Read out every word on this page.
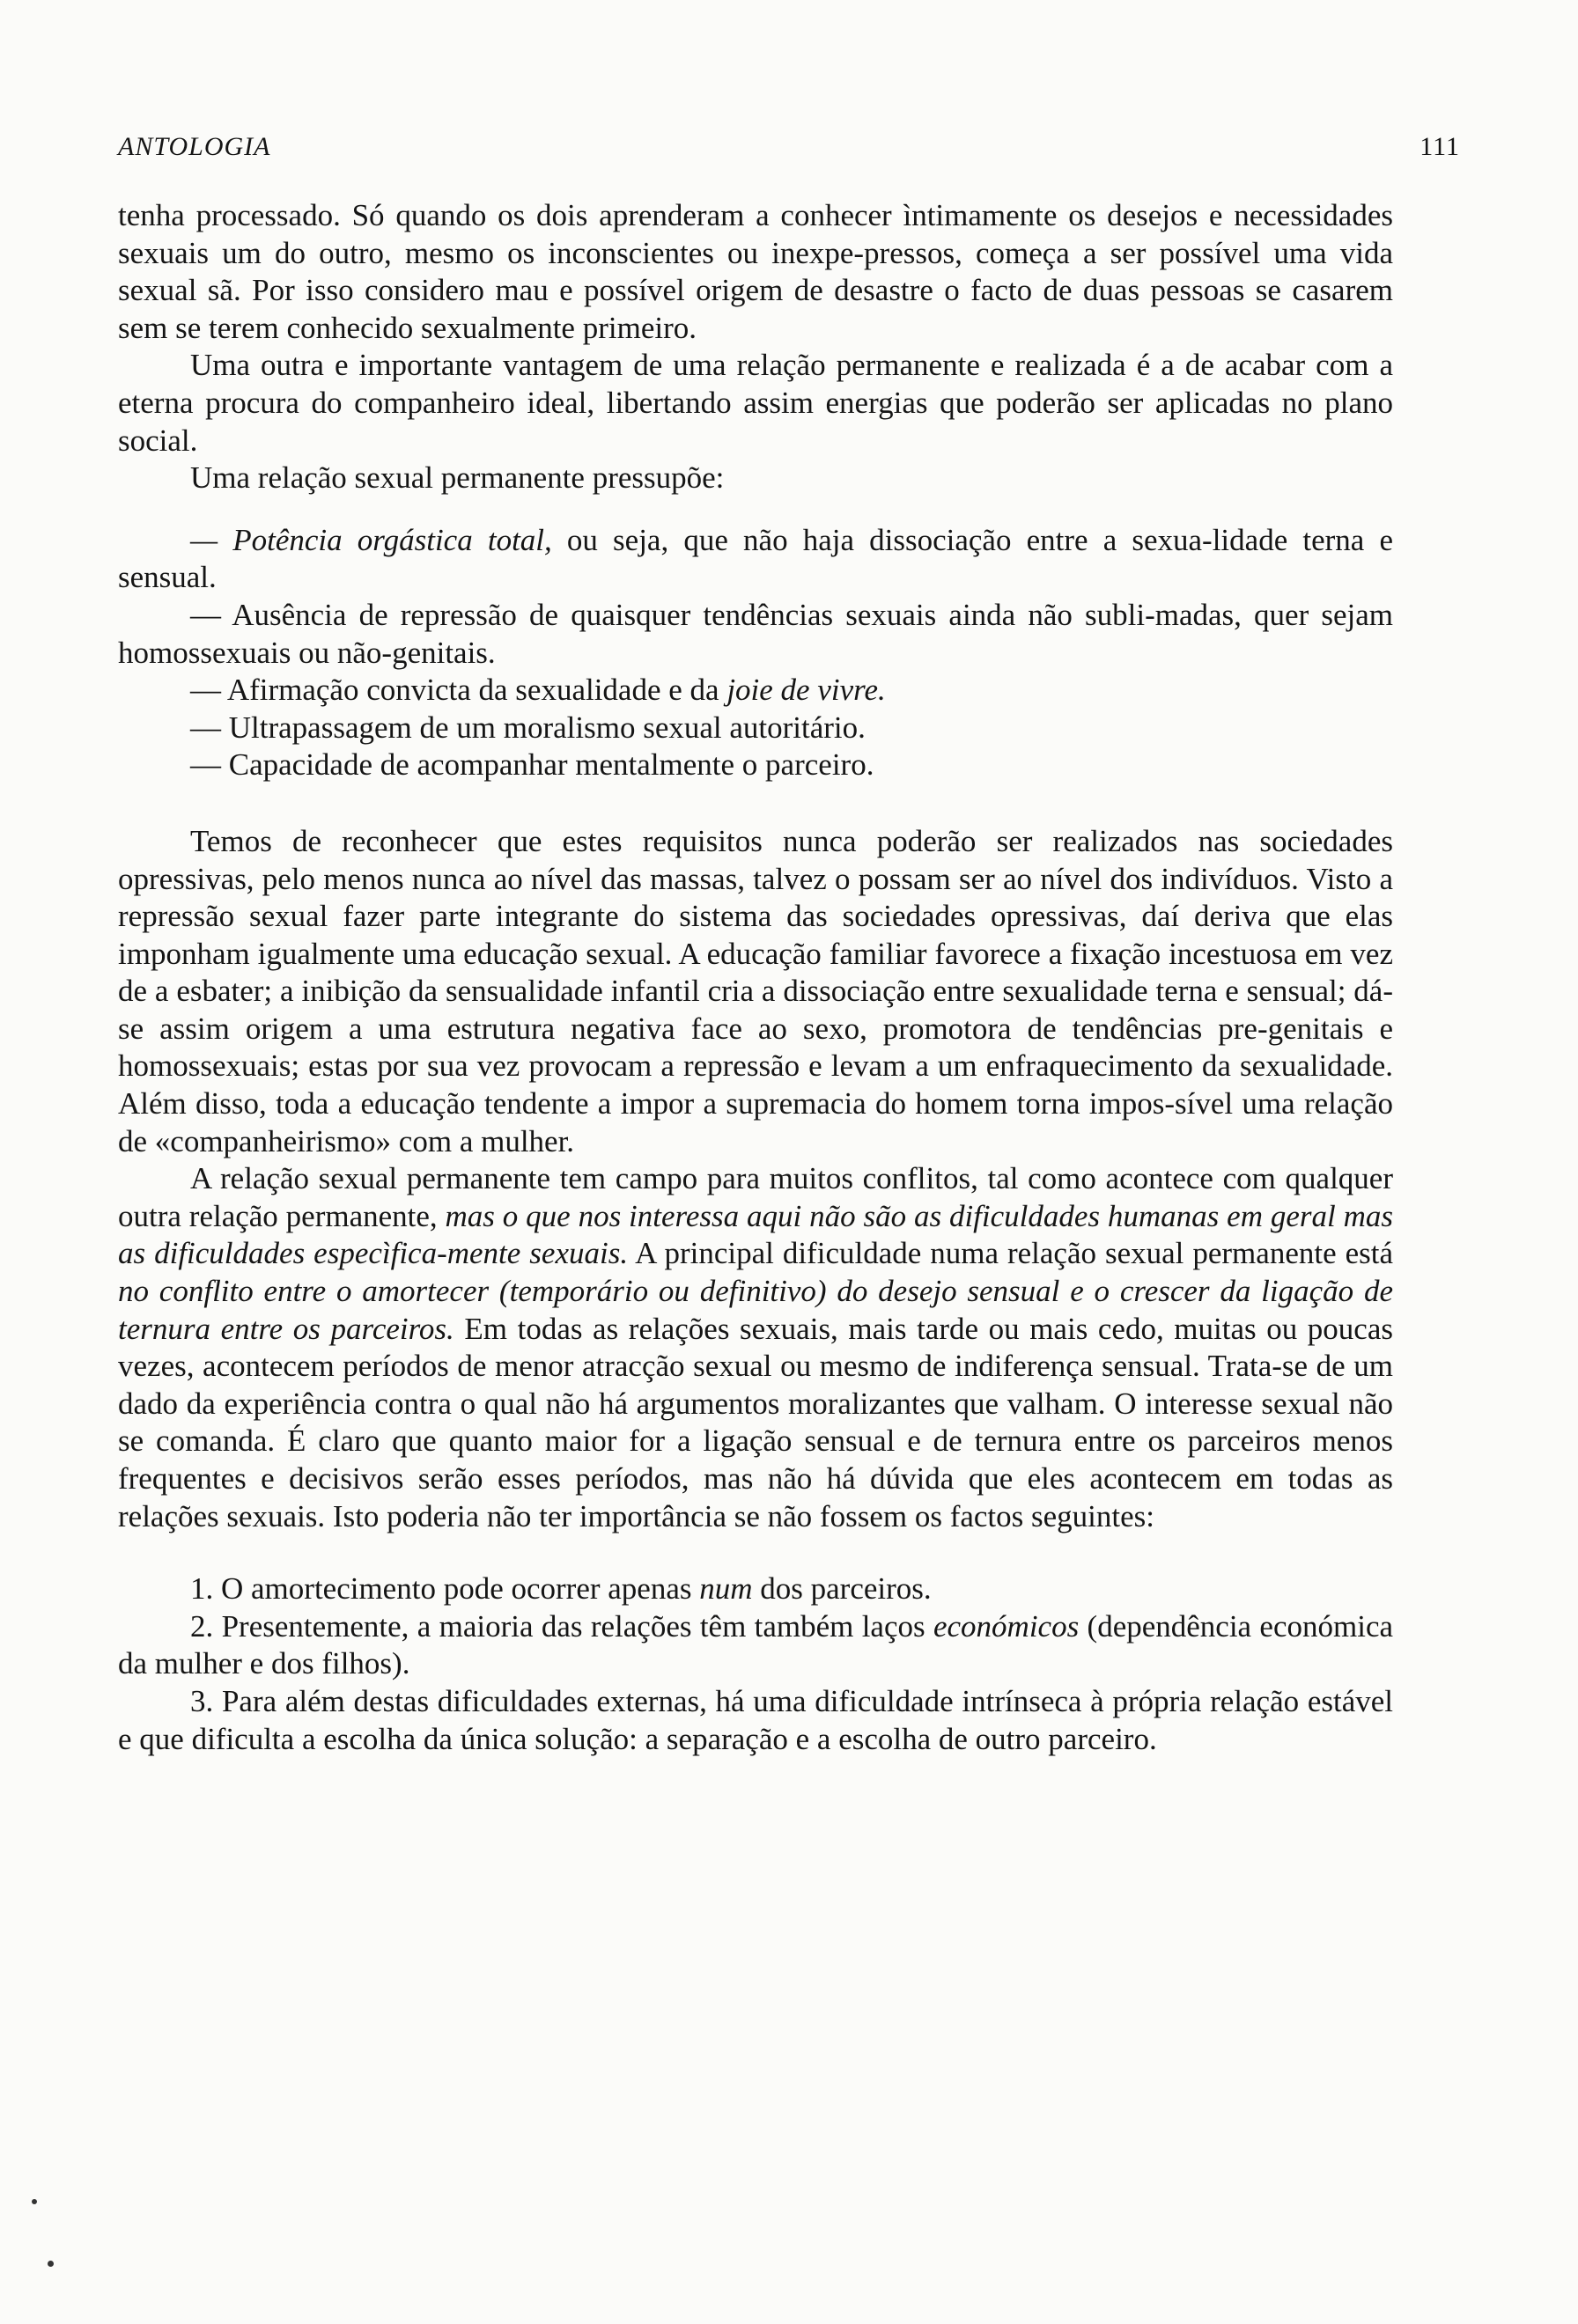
ANTOLOGIA	111

tenha processado. Só quando os dois aprenderam a conhecer ìntimamente os desejos e necessidades sexuais um do outro, mesmo os inconscientes ou inexpe-pressos, começa a ser possível uma vida sexual sã. Por isso considero mau e possível origem de desastre o facto de duas pessoas se casarem sem se terem conhecido sexualmente primeiro.

Uma outra e importante vantagem de uma relação permanente e realizada é a de acabar com a eterna procura do companheiro ideal, libertando assim energias que poderão ser aplicadas no plano social.

Uma relação sexual permanente pressupõe:

— Potência orgástica total, ou seja, que não haja dissociação entre a sexua-lidade terna e sensual.

— Ausência de repressão de quaisquer tendências sexuais ainda não subli-madas, quer sejam homossexuais ou não-genitais.

— Afirmação convicta da sexualidade e da joie de vivre.

— Ultrapassagem de um moralismo sexual autoritário.

— Capacidade de acompanhar mentalmente o parceiro.

Temos de reconhecer que estes requisitos nunca poderão ser realizados nas sociedades opressivas, pelo menos nunca ao nível das massas, talvez o possam ser ao nível dos indivíduos. Visto a repressão sexual fazer parte integrante do sistema das sociedades opressivas, daí deriva que elas imponham igualmente uma educação sexual. A educação familiar favorece a fixação incestuosa em vez de a esbater; a inibição da sensualidade infantil cria a dissociação entre sexualidade terna e sensual; dá-se assim origem a uma estrutura negativa face ao sexo, promotora de tendências pre-genitais e homossexuais; estas por sua vez provocam a repressão e levam a um enfraquecimento da sexualidade. Além disso, toda a educação tendente a impor a supremacia do homem torna impos-sível uma relação de «companheirismo» com a mulher.

A relação sexual permanente tem campo para muitos conflitos, tal como acontece com qualquer outra relação permanente, mas o que nos interessa aqui não são as dificuldades humanas em geral mas as dificuldades especìfica-mente sexuais. A principal dificuldade numa relação sexual permanente está no conflito entre o amortecer (temporário ou definitivo) do desejo sensual e o crescer da ligação de ternura entre os parceiros. Em todas as relações sexuais, mais tarde ou mais cedo, muitas ou poucas vezes, acontecem períodos de menor atracção sexual ou mesmo de indiferença sensual. Trata-se de um dado da experiência contra o qual não há argumentos moralizantes que valham. O interesse sexual não se comanda. É claro que quanto maior for a ligação sensual e de ternura entre os parceiros menos frequentes e decisivos serão esses períodos, mas não há dúvida que eles acontecem em todas as relações sexuais. Isto poderia não ter importância se não fossem os factos seguintes:

1. O amortecimento pode ocorrer apenas num dos parceiros.

2. Presentemente, a maioria das relações têm também laços económicos (dependência económica da mulher e dos filhos).

3. Para além destas dificuldades externas, há uma dificuldade intrínseca à própria relação estável e que dificulta a escolha da única solução: a separação e a escolha de outro parceiro.
